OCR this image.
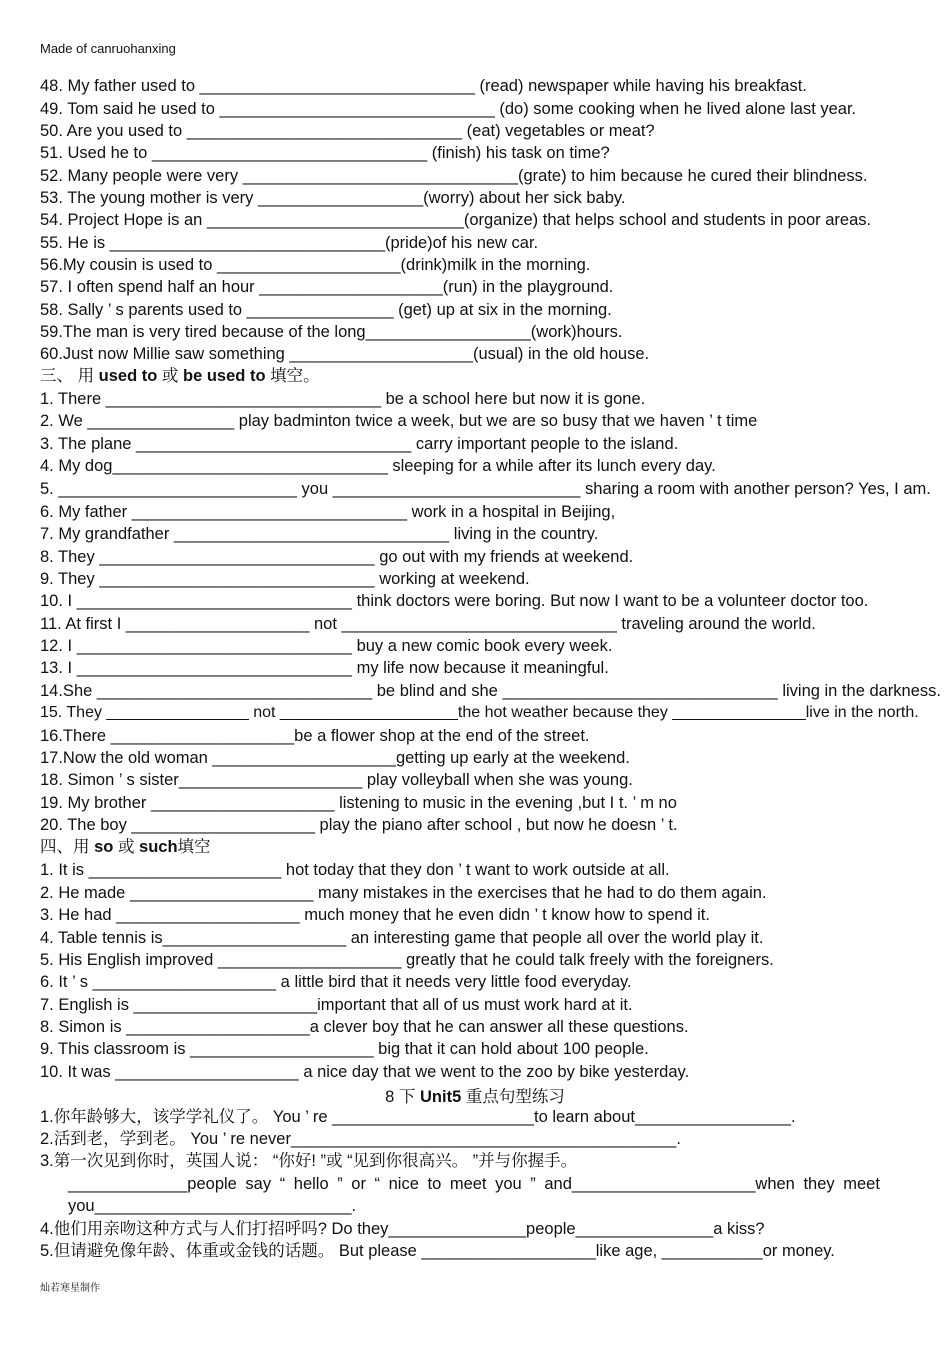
Made of canruohanxing
48. My father used to ______________________________ (read) newspaper while having his breakfast.
49. Tom said he used to ______________________________ (do) some cooking when he lived alone last year.
50. Are you used to ______________________________ (eat) vegetables or meat?
51. Used he to ______________________________ (finish) his task on time?
52. Many people were very ______________________________(grate) to him because he cured their blindness.
53. The young mother is very __________________(worry) about her sick baby.
54. Project Hope is an ____________________________(organize) that helps school and students in poor areas.
55. He is ______________________________(pride)of his new car.
56.My cousin is used to ____________________(drink)milk in the morning.
57. I often spend half an hour ____________________(run) in the playground.
58. Sally ’ s parents used to ________________ (get) up at six in the morning.
59.The man is very tired because of the long__________________(work)hours.
60.Just now Millie saw something ____________________(usual) in the old house.
三、 用 used to 或 be used to 填空。
1. There ______________________________ be a school here but now it is gone.
2. We ________________ play badminton twice a week, but we are so busy that we haven ’ t time
3. The plane ______________________________ carry important people to the island.
4. My dog______________________________ sleeping for a while after its lunch every day.
5. __________________________ you ___________________________ sharing a room with another person? Yes, I am.
6. My father ______________________________ work in a hospital in Beijing,
7. My grandfather ______________________________ living in the country.
8. They ______________________________ go out with my friends at weekend.
9. They ______________________________ working at weekend.
10. I ______________________________ think doctors were boring. But now I want to be a volunteer doctor too.
11. At first I ____________________ not ______________________________ traveling around the world.
12. I ______________________________ buy a new comic book every week.
13. I ______________________________ my life now because it meaningful.
14.She ______________________________ be blind and she ______________________________ living in the darkness.
15. They ________________ not ____________________the hot weather because they _______________live in the north.
16.There ____________________be a flower shop at the end of the street.
17.Now the old woman ____________________getting up early at the weekend.
18. Simon ’ s sister____________________ play volleyball when she was young.
19. My brother ____________________ listening to music in the evening ,but I t. ’ m no
20. The boy ____________________ play the piano after school , but now he doesn ’ t.
四、用 so 或 such填空
1. It is _____________________ hot today that they don ’ t want to work outside at all.
2. He made ____________________ many mistakes in the exercises that he had to do them again.
3. He had ____________________ much money that he even didn ’ t know how to spend it.
4. Table tennis is____________________ an interesting game that people all over the world play it.
5. His English improved ____________________ greatly that he could talk freely with the foreigners.
6. It ’ s ____________________ a little bird that it needs very little food everyday.
7. English is ____________________important that all of us must work hard at it.
8. Simon is ____________________a clever boy that he can answer all these questions.
9. This classroom is ____________________ big that it can hold about 100 people.
10. It was ____________________ a nice day that we went to the zoo by bike yesterday.
8 下 Unit5 重点句型练习
1.你年龄够大，该学学礼仪了。 You ’ re ______________________to learn about_________________.
2.活到老，学到老。 You ’ re never__________________________________________.
3.第一次见到你时，英国人说： “你好! ”或 “见到你很高兴。 ”并与你握手。
_____________people say “ hello ” or “ nice to meet you ” and____________________when they meet
you____________________________.
4.他们用亲吻这种方式与人们打招呼吗? Do they_______________people_______________a kiss?
5.但请避免像年龄、体重或金钱的话题。 But please ___________________like age, ___________or money.
灿若寒星制作
